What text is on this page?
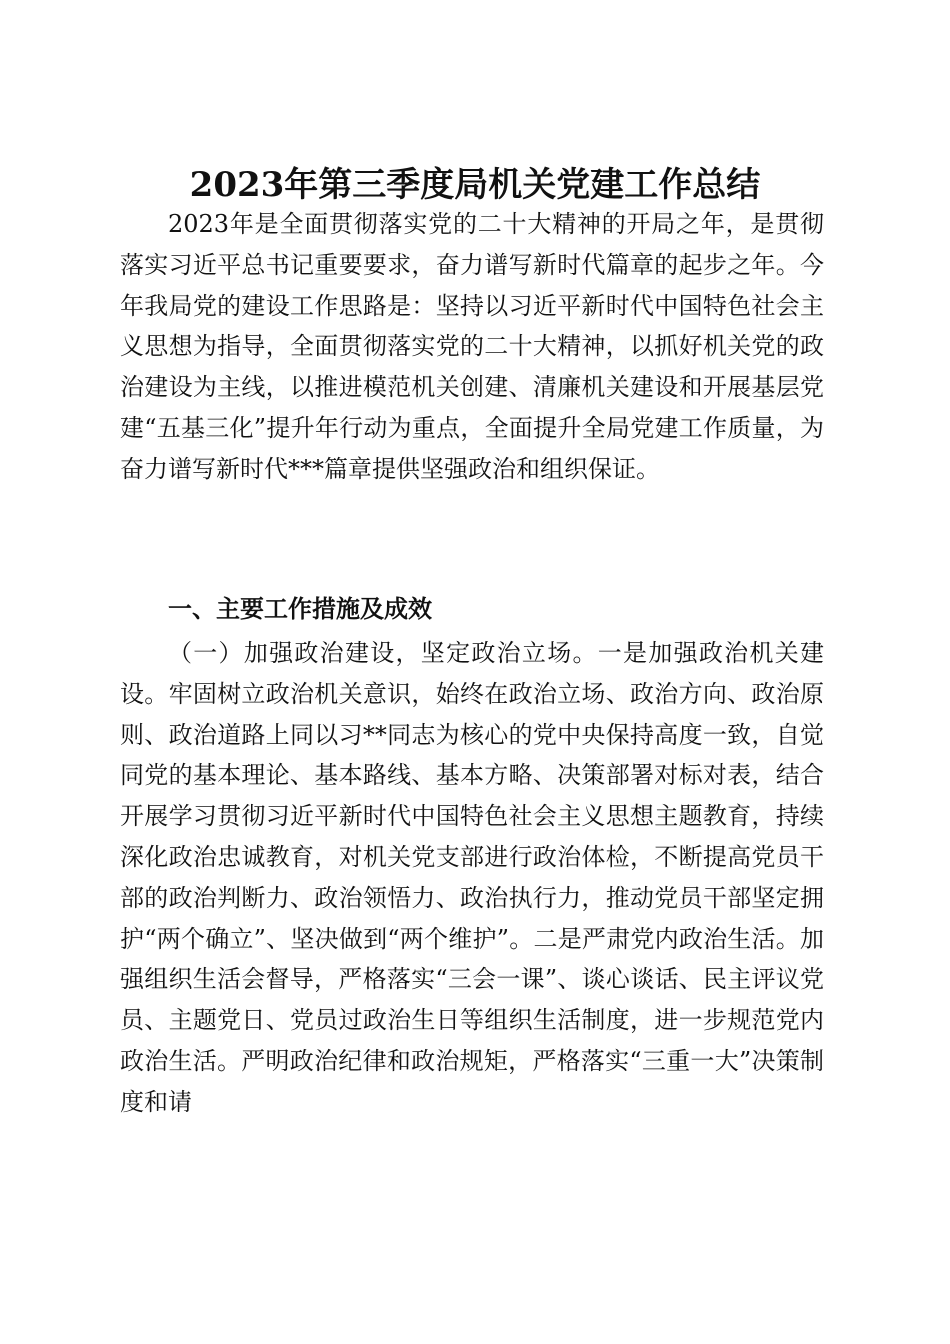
2023年第三季度局机关党建工作总结

2023年是全面贯彻落实党的二十大精神的开局之年，是贯彻落实习近平总书记重要要求，奋力谱写新时代篇章的起步之年。今年我局党的建设工作思路是：坚持以习近平新时代中国特色社会主义思想为指导，全面贯彻落实党的二十大精神，以抓好机关党的政治建设为主线，以推进模范机关创建、清廉机关建设和开展基层党建“五基三化”提升年行动为重点，全面提升全局党建工作质量，为奋力谱写新时代***篇章提供坚强政治和组织保证。

一、主要工作措施及成效

（一）加强政治建设，坚定政治立场。一是加强政治机关建设。牢固树立政治机关意识，始终在政治立场、政治方向、政治原则、政治道路上同以习**同志为核心的党中央保持高度一致，自觉同党的基本理论、基本路线、基本方略、决策部署对标对表，结合开展学习贯彻习近平新时代中国特色社会主义思想主题教育，持续深化政治忠诚教育，对机关党支部进行政治体检，不断提高党员干部的政治判断力、政治领悟力、政治执行力，推动党员干部坚定拥护“两个确立”、坚决做到“两个维护”。二是严肃党内政治生活。加强组织生活会督导，严格落实“三会一课”、谈心谈话、民主评议党员、主题党日、党员过政治生日等组织生活制度，进一步规范党内政治生活。严明政治纪律和政治规矩，严格落实“三重一大”决策制度和请
